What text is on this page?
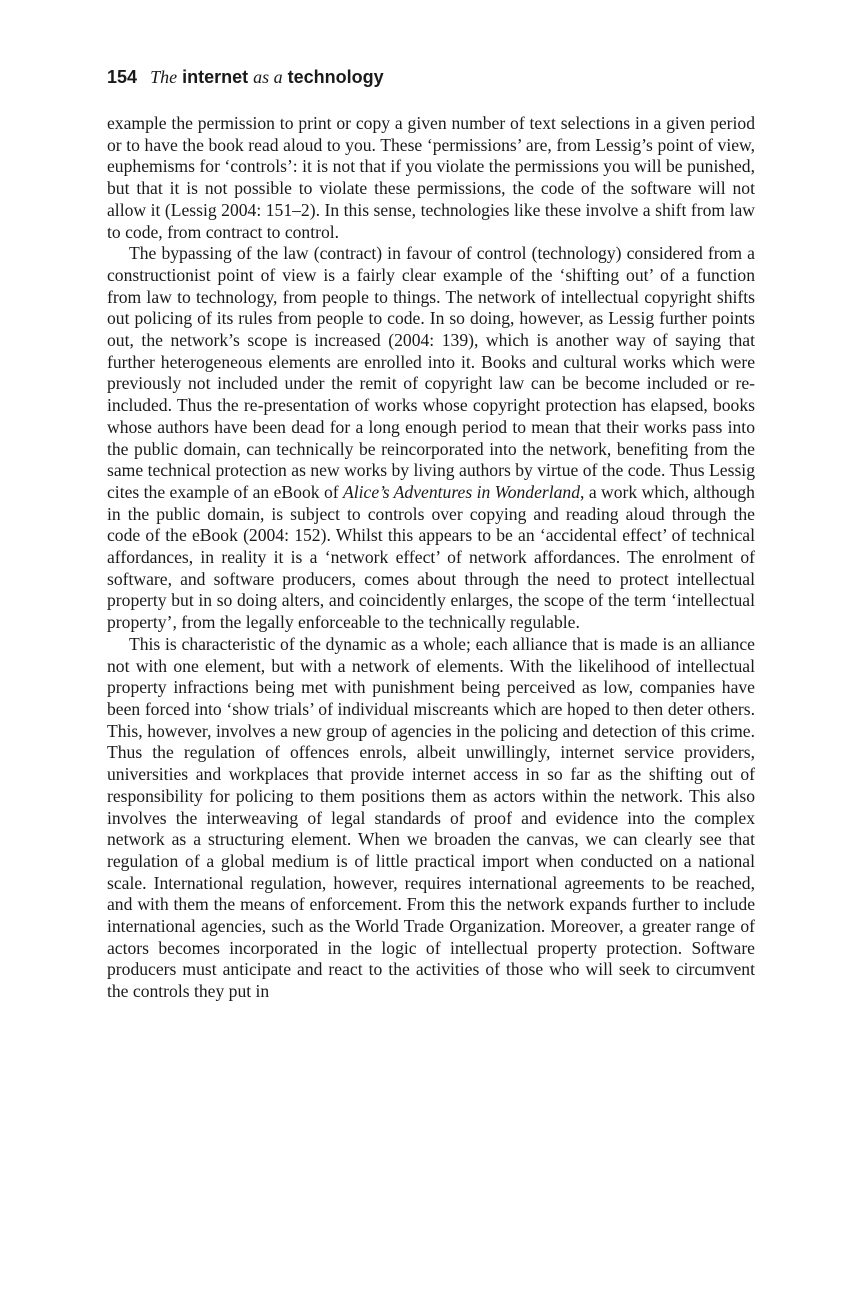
154 The internet as a technology

example the permission to print or copy a given number of text selections in a given period or to have the book read aloud to you. These ‘permissions’ are, from Lessig’s point of view, euphemisms for ‘controls’: it is not that if you violate the permissions you will be punished, but that it is not possible to violate these permissions, the code of the software will not allow it (Lessig 2004: 151–2). In this sense, technologies like these involve a shift from law to code, from contract to control.

The bypassing of the law (contract) in favour of control (technology) considered from a constructionist point of view is a fairly clear example of the ‘shifting out’ of a function from law to technology, from people to things. The network of intellectual copyright shifts out policing of its rules from people to code. In so doing, however, as Lessig further points out, the network’s scope is increased (2004: 139), which is another way of saying that further heterogeneous elements are enrolled into it. Books and cultural works which were previously not included under the remit of copyright law can be become included or re-included. Thus the re-presentation of works whose copyright protection has elapsed, books whose authors have been dead for a long enough period to mean that their works pass into the public domain, can technically be reincorporated into the network, benefiting from the same technical protection as new works by living authors by virtue of the code. Thus Lessig cites the example of an eBook of Alice’s Adventures in Wonderland, a work which, although in the public domain, is subject to controls over copying and reading aloud through the code of the eBook (2004: 152). Whilst this appears to be an ‘accidental effect’ of technical affordances, in reality it is a ‘network effect’ of network affordances. The enrolment of software, and software producers, comes about through the need to protect intellectual property but in so doing alters, and coincidently enlarges, the scope of the term ‘intellectual property’, from the legally enforceable to the technically regulable.

This is characteristic of the dynamic as a whole; each alliance that is made is an alliance not with one element, but with a network of elements. With the likelihood of intellectual property infractions being met with punishment being perceived as low, companies have been forced into ‘show trials’ of individual miscreants which are hoped to then deter others. This, however, involves a new group of agencies in the policing and detection of this crime. Thus the regulation of offences enrols, albeit unwillingly, internet service providers, universities and workplaces that provide internet access in so far as the shifting out of responsibility for policing to them positions them as actors within the network. This also involves the interweaving of legal standards of proof and evidence into the complex network as a structuring element. When we broaden the canvas, we can clearly see that regulation of a global medium is of little practical import when conducted on a national scale. International regulation, however, requires international agreements to be reached, and with them the means of enforcement. From this the network expands further to include international agencies, such as the World Trade Organization. Moreover, a greater range of actors becomes incorporated in the logic of intellectual property protection. Software producers must anticipate and react to the activities of those who will seek to circumvent the controls they put in
